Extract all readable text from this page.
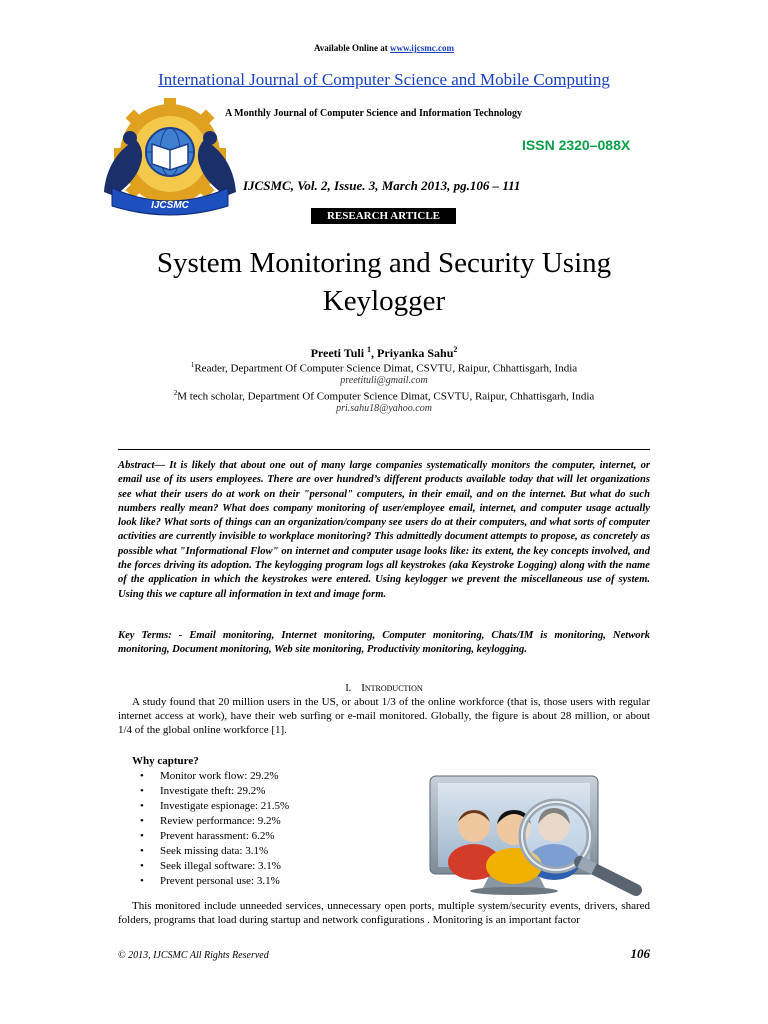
Available Online at www.ijcsmc.com
International Journal of Computer Science and Mobile Computing
IJCSMC
A Monthly Journal of Computer Science and Information Technology
ISSN 2320–088X
IJCSMC, Vol. 2, Issue. 3, March 2013, pg.106 – 111
RESEARCH ARTICLE
System Monitoring and Security Using
Keylogger
Preeti Tuli $^1$, Priyanka Sahu$^2$
$^1$Reader, Department Of Computer Science Dimat, CSVTU, Raipur, Chhattisgarh, India
preetituli@gmail.com
$^2$M tech scholar, Department Of Computer Science Dimat, CSVTU, Raipur, Chhattisgarh, India
pri.sahu18@yahoo.com
Abstract— It is likely that about one out of many large companies systematically monitors the computer, internet, or email use of its users employees. There are over hundred’s different products available today that will let organizations see what their users do at work on their "personal" computers, in their email, and on the internet. But what do such numbers really mean? What does company monitoring of user/employee email, internet, and computer usage actually look like? What sorts of things can an organization/company see users do at their computers, and what sorts of computer activities are currently invisible to workplace monitoring? This admittedly document attempts to propose, as concretely as possible what "Informational Flow" on internet and computer usage looks like: its extent, the key concepts involved, and the forces driving its adoption. The keylogging program logs all keystrokes (aka Keystroke Logging) along with the name of the application in which the keystrokes were entered. Using keylogger we prevent the miscellaneous use of system. Using this we capture all information in text and image form.
Key Terms: - Email monitoring, Internet monitoring, Computer monitoring, Chats/IM is monitoring, Network monitoring, Document monitoring, Web site monitoring, Productivity monitoring, keylogging.
I. INTRODUCTION
A study found that 20 million users in the US, or about 1/3 of the online workforce (that is, those users with regular internet access at work), have their web surfing or e-mail monitored. Globally, the figure is about 28 million, or about 1/4 of the global online workforce [1].
Why capture?
• Monitor work flow: 29.2%
• Investigate theft: 29.2%
• Investigate espionage: 21.5%
• Review performance: 9.2%
• Prevent harassment: 6.2%
• Seek missing data: 3.1%
• Seek illegal software: 3.1%
• Prevent personal use: 3.1%
This monitored include unneeded services, unnecessary open ports, multiple system/security events, drivers, shared folders, programs that load during startup and network configurations . Monitoring is an important factor
© 2013, IJCSMC All Rights Reserved	106
